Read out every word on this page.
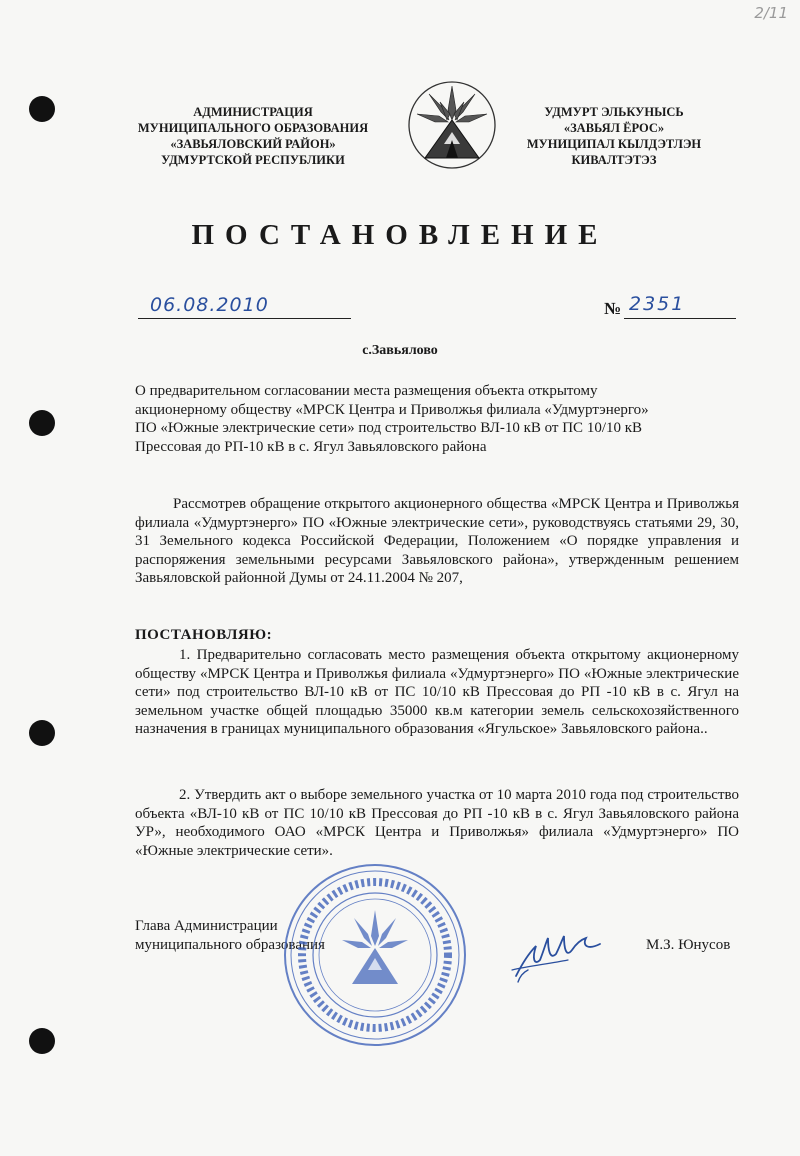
2/11
АДМИНИСТРАЦИЯ
МУНИЦИПАЛЬНОГО ОБРАЗОВАНИЯ
«ЗАВЬЯЛОВСКИЙ РАЙОН»
УДМУРТСКОЙ РЕСПУБЛИКИ
УДМУРТ ЭЛЬКУНЫСЬ
«ЗАВЬЯЛ ЁРОС»
МУНИЦИПАЛ КЫЛДЭТЛЭН
КИВАЛТЭТЭЗ
ПОСТАНОВЛЕНИЕ
06.08.2010	№ 2351
с.Завьялово
О предварительном согласовании места размещения объекта открытому
акционерному обществу «МРСК Центра и Приволжья филиала «Удмуртэнерго»
ПО «Южные электрические сети» под строительство ВЛ-10 кВ от ПС 10/10 кВ
Прессовая до РП-10 кВ в с. Ягул Завьяловского района
Рассмотрев обращение открытого акционерного общества «МРСК Центра и Приволжья филиала «Удмуртэнерго» ПО «Южные электрические сети», руководствуясь статьями 29, 30, 31 Земельного кодекса Российской Федерации, Положением «О порядке управления и распоряжения земельными ресурсами Завьяловского района», утвержденным решением Завьяловской районной Думы от 24.11.2004 № 207,
ПОСТАНОВЛЯЮ:
1. Предварительно согласовать место размещения объекта открытому акционерному обществу «МРСК Центра и Приволжья филиала «Удмуртэнерго» ПО «Южные электрические сети» под строительство ВЛ-10 кВ от ПС 10/10 кВ Прессовая до РП -10 кВ в с. Ягул на земельном участке общей площадью 35000 кв.м категории земель сельскохозяйственного назначения в границах муниципального образования «Ягульское» Завьяловского района..
2. Утвердить акт о выборе земельного участка от 10 марта 2010 года под строительство объекта «ВЛ-10 кВ от ПС 10/10 кВ Прессовая до РП -10 кВ в с. Ягул Завьяловского района УР», необходимого ОАО «МРСК Центра и Приволжья» филиала «Удмуртэнерго» ПО «Южные электрические сети».
Глава Администрации
муниципального образования	М.З. Юнусов
